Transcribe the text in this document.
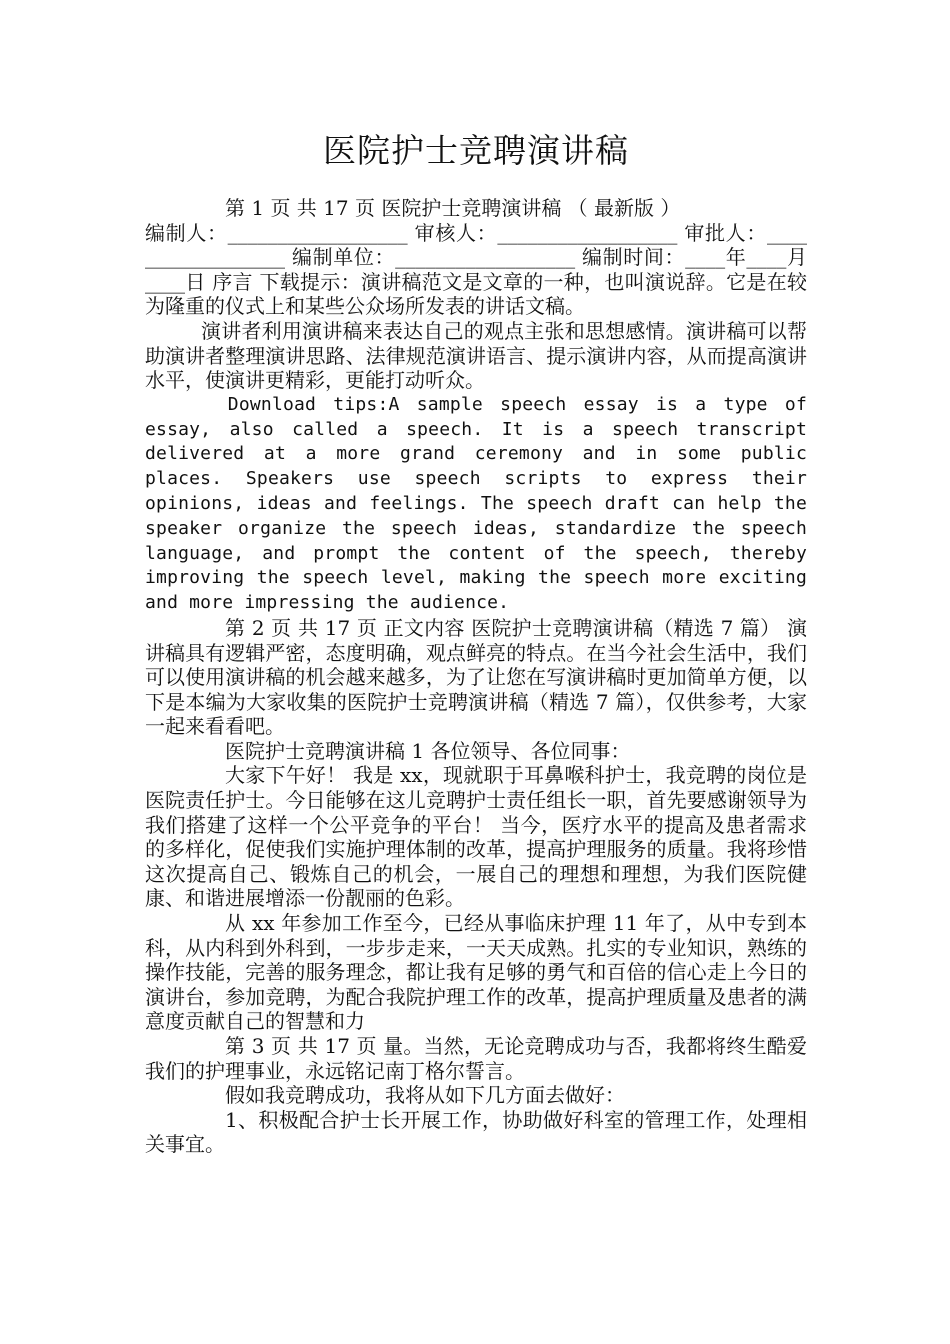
医院护士竞聘演讲稿

第 1 页 共 17 页 医院护士竞聘演讲稿 （ 最新版 ）

编制人：__________________ 审核人：__________________ 审批人：__________________ 编制单位：__________________ 编制时间：____年____月____日 序言 下载提示：演讲稿范文是文章的一种，也叫演说辞。它是在较为隆重的仪式上和某些公众场所发表的讲话文稿。

演讲者利用演讲稿来表达自己的观点主张和思想感情。演讲稿可以帮助演讲者整理演讲思路、法律规范演讲语言、提示演讲内容，从而提高演讲水平，使演讲更精彩，更能打动听众。

Download tips:A sample speech essay is a type of essay, also called a speech. It is a speech transcript delivered at a more grand ceremony and in some public places. Speakers use speech scripts to express their opinions, ideas and feelings. The speech draft can help the speaker organize the speech ideas, standardize the speech language, and prompt the content of the speech, thereby improving the speech level, making the speech more exciting and more impressing the audience.

第 2 页 共 17 页 正文内容 医院护士竞聘演讲稿（精选 7 篇） 演讲稿具有逻辑严密，态度明确，观点鲜亮的特点。在当今社会生活中，我们可以使用演讲稿的机会越来越多，为了让您在写演讲稿时更加简单方便，以下是本编为大家收集的医院护士竞聘演讲稿（精选 7 篇），仅供参考，大家一起来看看吧。

医院护士竞聘演讲稿 1 各位领导、各位同事：

大家下午好！ 我是 xx，现就职于耳鼻喉科护士，我竞聘的岗位是医院责任护士。今日能够在这儿竞聘护士责任组长一职，首先要感谢领导为我们搭建了这样一个公平竞争的平台！ 当今，医疗水平的提高及患者需求的多样化，促使我们实施护理体制的改革，提高护理服务的质量。我将珍惜这次提高自己、锻炼自己的机会，一展自己的理想和理想，为我们医院健康、和谐进展增添一份靓丽的色彩。

从 xx 年参加工作至今，已经从事临床护理 11 年了，从中专到本科，从内科到外科到，一步步走来，一天天成熟。扎实的专业知识，熟练的操作技能，完善的服务理念，都让我有足够的勇气和百倍的信心走上今日的演讲台，参加竞聘，为配合我院护理工作的改革，提高护理质量及患者的满意度贡献自己的智慧和力

第 3 页 共 17 页 量。当然，无论竞聘成功与否，我都将终生酷爱我们的护理事业，永远铭记南丁格尔誓言。

假如我竞聘成功，我将从如下几方面去做好：

1、积极配合护士长开展工作，协助做好科室的管理工作，处理相关事宜。
